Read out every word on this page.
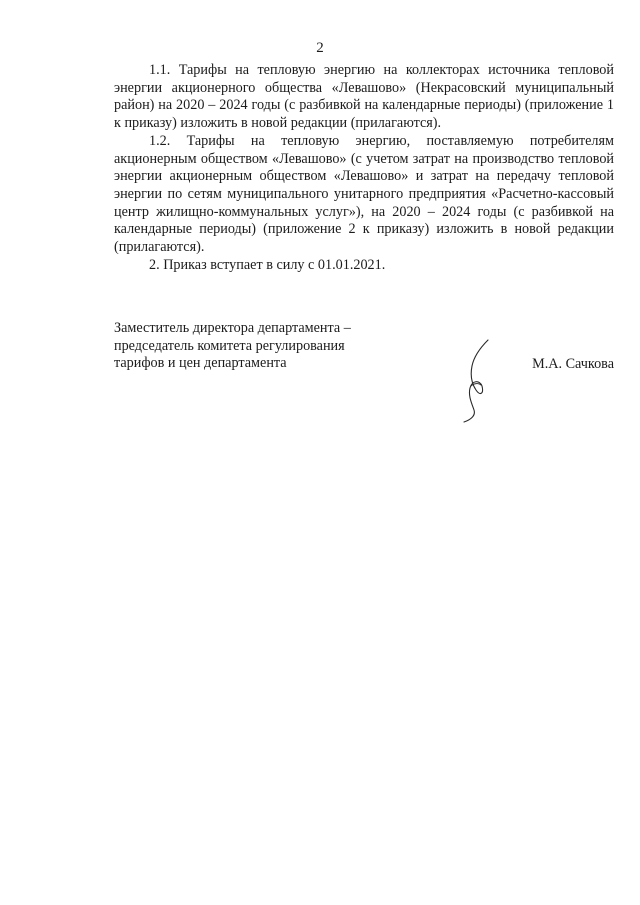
2

1.1. Тарифы на тепловую энергию на коллекторах источника тепловой энергии акционерного общества «Левашово» (Некрасовский муниципальный район) на 2020 – 2024 годы (с разбивкой на календарные периоды) (приложение 1 к приказу) изложить в новой редакции (прилагаются).

1.2. Тарифы на тепловую энергию, поставляемую потребителям акционерным обществом «Левашово» (с учетом затрат на производство тепловой энергии акционерным обществом «Левашово» и затрат на передачу тепловой энергии по сетям муниципального унитарного предприятия «Расчетно-кассовый центр жилищно-коммунальных услуг»), на 2020 – 2024 годы (с разбивкой на календарные периоды) (приложение 2 к приказу) изложить в новой редакции (прилагаются).

2. Приказ вступает в силу с 01.01.2021.

Заместитель директора департамента –
председатель комитета регулирования
тарифов и цен департамента	М.А. Сачкова
